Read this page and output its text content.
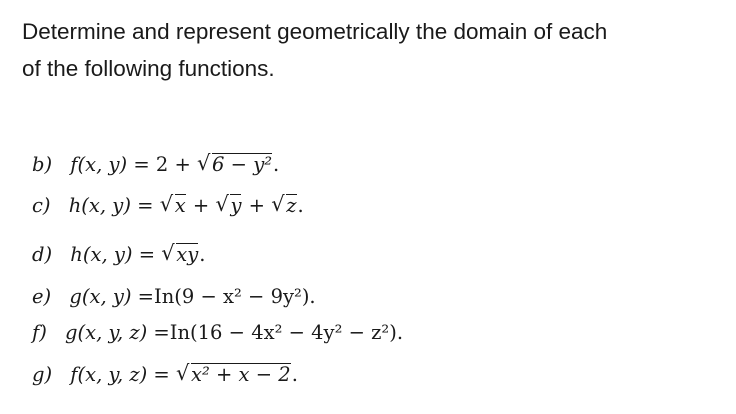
Determine and represent geometrically the domain of each
of the following functions.
b) f(x, y) = 2 + √ 6 − y².
c) h(x, y) = √ x + √ y + √ z.
d) h(x, y) = √ xy.
e) g(x, y) =In(9 − x² − 9y²).
f) g(x, y, z) =In(16 − 4x² − 4y² − z²).
g) f(x, y, z) = √ x² + x − 2.
